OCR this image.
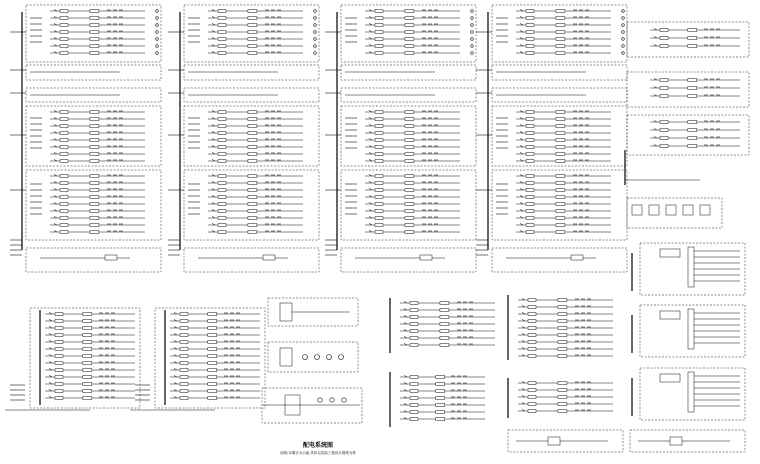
配电系统图
说明:本图仅为示意,具体以实际工程设计图纸为准
